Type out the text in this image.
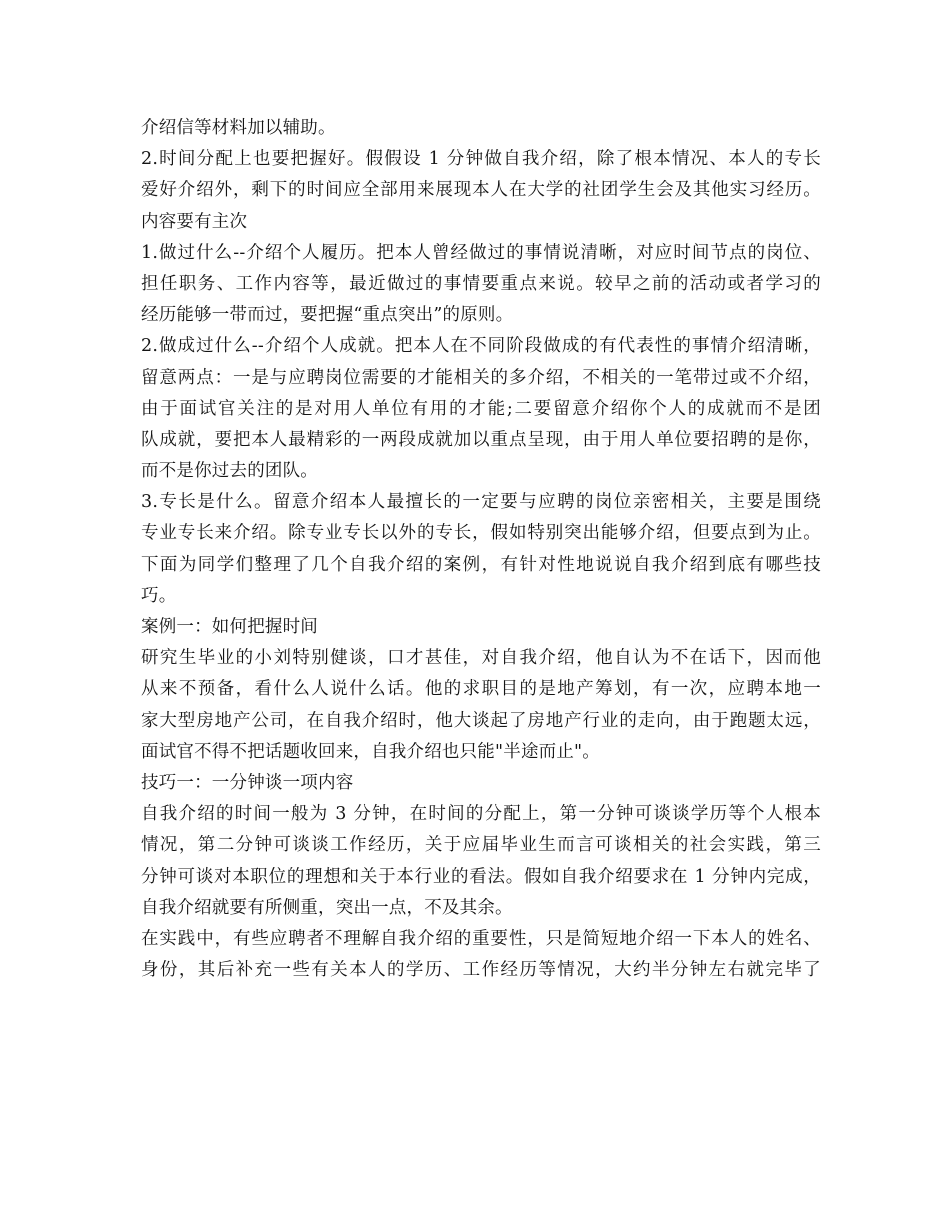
介绍信等材料加以辅助。
2.时间分配上也要把握好。假假设 1 分钟做自我介绍，除了根本情况、本人的专长
爱好介绍外，剩下的时间应全部用来展现本人在大学的社团学生会及其他实习经历。
内容要有主次
1.做过什么--介绍个人履历。把本人曾经做过的事情说清晰，对应时间节点的岗位、
担任职务、工作内容等，最近做过的事情要重点来说。较早之前的活动或者学习的
经历能够一带而过，要把握“重点突出”的原则。
2.做成过什么--介绍个人成就。把本人在不同阶段做成的有代表性的事情介绍清晰，
留意两点：一是与应聘岗位需要的才能相关的多介绍，不相关的一笔带过或不介绍，
由于面试官关注的是对用人单位有用的才能;二要留意介绍你个人的成就而不是团
队成就，要把本人最精彩的一两段成就加以重点呈现，由于用人单位要招聘的是你，
而不是你过去的团队。
3.专长是什么。留意介绍本人最擅长的一定要与应聘的岗位亲密相关，主要是围绕
专业专长来介绍。除专业专长以外的专长，假如特别突出能够介绍，但要点到为止。
下面为同学们整理了几个自我介绍的案例，有针对性地说说自我介绍到底有哪些技
巧。
案例一：如何把握时间
研究生毕业的小刘特别健谈，口才甚佳，对自我介绍，他自认为不在话下，因而他
从来不预备，看什么人说什么话。他的求职目的是地产筹划，有一次，应聘本地一
家大型房地产公司，在自我介绍时，他大谈起了房地产行业的走向，由于跑题太远，
面试官不得不把话题收回来，自我介绍也只能"半途而止"。
技巧一：一分钟谈一项内容
自我介绍的时间一般为 3 分钟，在时间的分配上，第一分钟可谈谈学历等个人根本
情况，第二分钟可谈谈工作经历，关于应届毕业生而言可谈相关的社会实践，第三
分钟可谈对本职位的理想和关于本行业的看法。假如自我介绍要求在 1 分钟内完成，
自我介绍就要有所侧重，突出一点，不及其余。
在实践中，有些应聘者不理解自我介绍的重要性，只是简短地介绍一下本人的姓名、
身份，其后补充一些有关本人的学历、工作经历等情况，大约半分钟左右就完毕了
